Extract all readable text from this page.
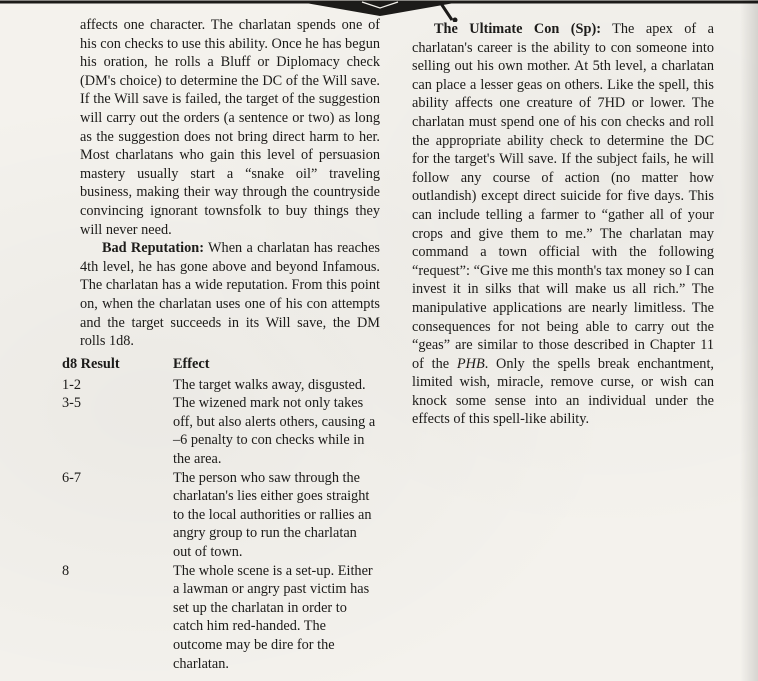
affects one character. The charlatan spends one of his con checks to use this ability. Once he has begun his oration, he rolls a Bluff or Diplomacy check (DM's choice) to determine the DC of the Will save. If the Will save is failed, the target of the suggestion will carry out the orders (a sentence or two) as long as the suggestion does not bring direct harm to her. Most charlatans who gain this level of persuasion mastery usually start a “snake oil” traveling business, making their way through the countryside convincing ignorant townsfolk to buy things they will never need.

Bad Reputation: When a charlatan has reaches 4th level, he has gone above and beyond Infamous. The charlatan has a wide reputation. From this point on, when the charlatan uses one of his con attempts and the target succeeds in its Will save, the DM rolls 1d8.

d8 Result	Effect
1-2	The target walks away, disgusted.
3-5	The wizened mark not only takes off, but also alerts others, causing a –6 penalty to con checks while in the area.
6-7	The person who saw through the charlatan's lies either goes straight to the local authorities or rallies an angry group to run the charlatan out of town.
8	The whole scene is a set-up. Either a lawman or angry past victim has set up the charlatan in order to catch him red-handed. The outcome may be dire for the charlatan.

The Ultimate Con (Sp): The apex of a charlatan's career is the ability to con someone into selling out his own mother. At 5th level, a charlatan can place a lesser geas on others. Like the spell, this ability affects one creature of 7HD or lower. The charlatan must spend one of his con checks and roll the appropriate ability check to determine the DC for the target's Will save. If the subject fails, he will follow any course of action (no matter how outlandish) except direct suicide for five days. This can include telling a farmer to “gather all of your crops and give them to me.” The charlatan may command a town official with the following “request”: “Give me this month's tax money so I can invest it in silks that will make us all rich.” The manipulative applications are nearly limitless. The consequences for not being able to carry out the “geas” are similar to those described in Chapter 11 of the PHB. Only the spells break enchantment, limited wish, miracle, remove curse, or wish can knock some sense into an individual under the effects of this spell-like ability.
